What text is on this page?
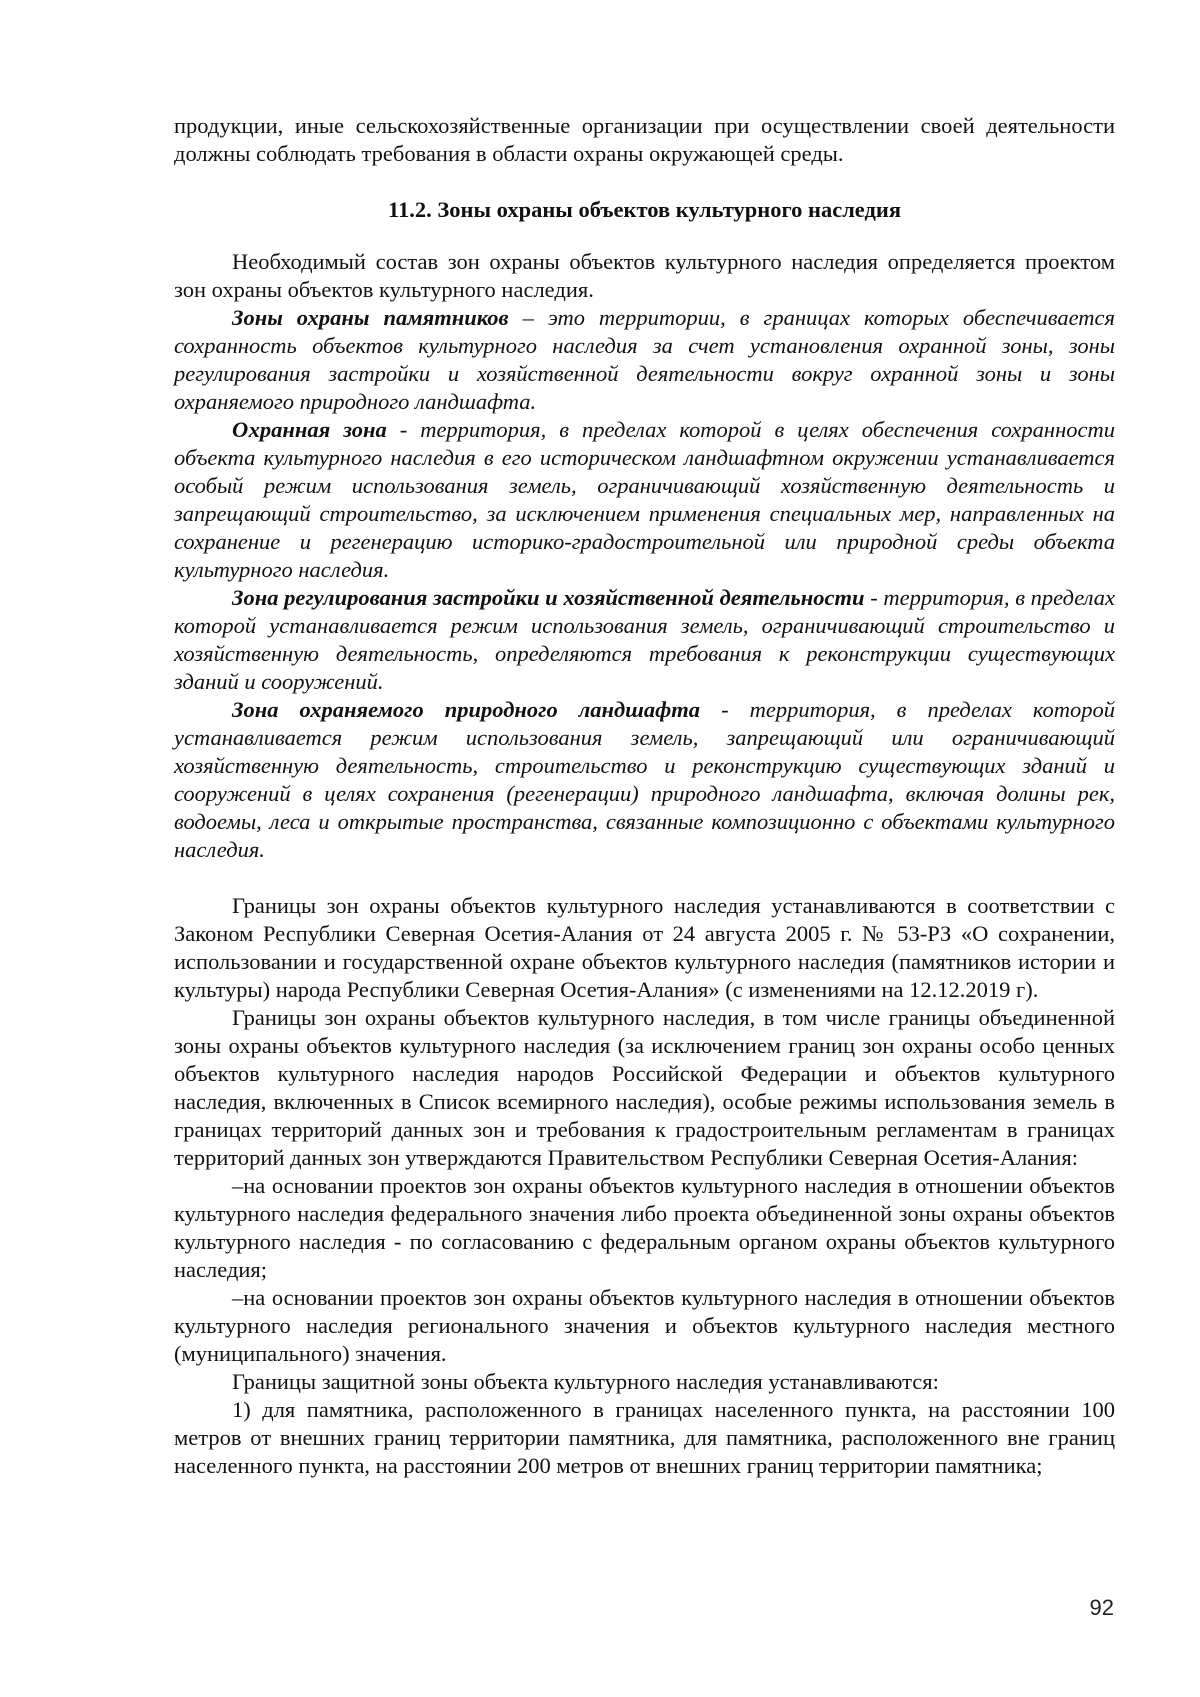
продукции, иные сельскохозяйственные организации при осуществлении своей деятельности должны соблюдать требования в области охраны окружающей среды.

11.2. Зоны охраны объектов культурного наследия

Необходимый состав зон охраны объектов культурного наследия определяется проектом зон охраны объектов культурного наследия.

Зоны охраны памятников – это территории, в границах которых обеспечивается сохранность объектов культурного наследия за счет установления охранной зоны, зоны регулирования застройки и хозяйственной деятельности вокруг охранной зоны и зоны охраняемого природного ландшафта.

Охранная зона - территория, в пределах которой в целях обеспечения сохранности объекта культурного наследия в его историческом ландшафтном окружении устанавливается особый режим использования земель, ограничивающий хозяйственную деятельность и запрещающий строительство, за исключением применения специальных мер, направленных на сохранение и регенерацию историко-градостроительной или природной среды объекта культурного наследия.

Зона регулирования застройки и хозяйственной деятельности - территория, в пределах которой устанавливается режим использования земель, ограничивающий строительство и хозяйственную деятельность, определяются требования к реконструкции существующих зданий и сооружений.

Зона охраняемого природного ландшафта - территория, в пределах которой устанавливается режим использования земель, запрещающий или ограничивающий хозяйственную деятельность, строительство и реконструкцию существующих зданий и сооружений в целях сохранения (регенерации) природного ландшафта, включая долины рек, водоемы, леса и открытые пространства, связанные композиционно с объектами культурного наследия.

Границы зон охраны объектов культурного наследия устанавливаются в соответствии с Законом Республики Северная Осетия-Алания от 24 августа 2005 г. № 53-РЗ «О сохранении, использовании и государственной охране объектов культурного наследия (памятников истории и культуры) народа Республики Северная Осетия-Алания» (с изменениями на 12.12.2019 г).

Границы зон охраны объектов культурного наследия, в том числе границы объединенной зоны охраны объектов культурного наследия (за исключением границ зон охраны особо ценных объектов культурного наследия народов Российской Федерации и объектов культурного наследия, включенных в Список всемирного наследия), особые режимы использования земель в границах территорий данных зон и требования к градостроительным регламентам в границах территорий данных зон утверждаются Правительством Республики Северная Осетия-Алания:

–на основании проектов зон охраны объектов культурного наследия в отношении объектов культурного наследия федерального значения либо проекта объединенной зоны охраны объектов культурного наследия - по согласованию с федеральным органом охраны объектов культурного наследия;

–на основании проектов зон охраны объектов культурного наследия в отношении объектов культурного наследия регионального значения и объектов культурного наследия местного (муниципального) значения.

Границы защитной зоны объекта культурного наследия устанавливаются:

1) для памятника, расположенного в границах населенного пункта, на расстоянии 100 метров от внешних границ территории памятника, для памятника, расположенного вне границ населенного пункта, на расстоянии 200 метров от внешних границ территории памятника;

92
